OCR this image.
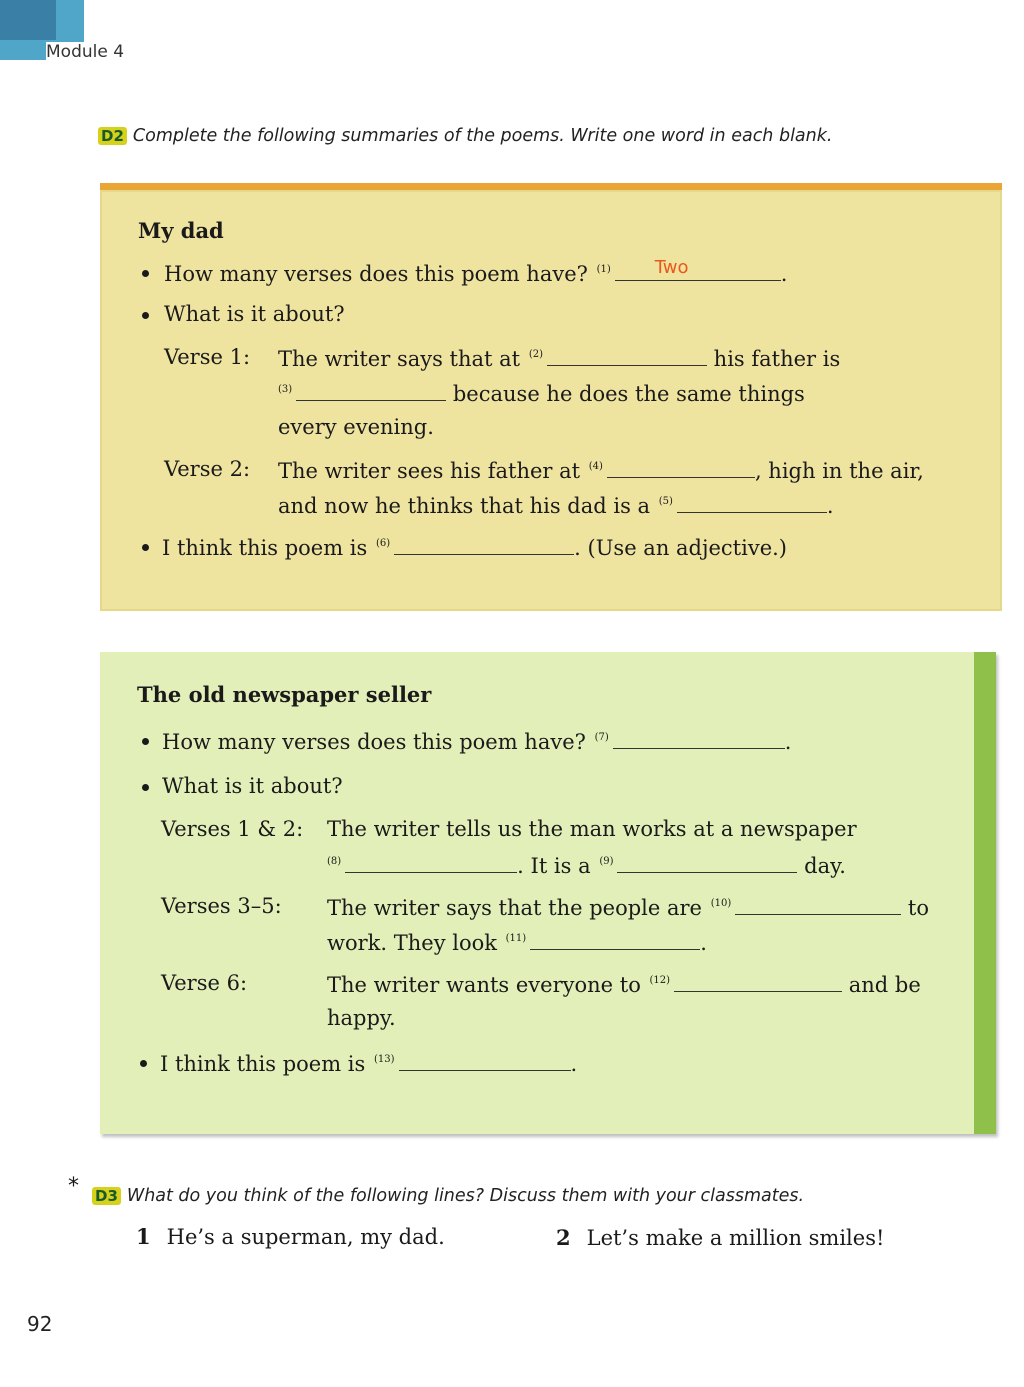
Module 4
D2 Complete the following summaries of the poems. Write one word in each blank.
My dad
How many verses does this poem have? $^{(1)}$ Two	.
What is it about?
Verse 1: The writer says that at $^{(2)}$	his father is
$^{(3)}$	because he does the same things
every evening.
Verse 2: The writer sees his father at $^{(4)}$	, high in the air,
and now he thinks that his dad is a $^{(5)}$	.
I think this poem is $^{(6)}$	. (Use an adjective.)
The old newspaper seller
How many verses does this poem have? $^{(7)}$	.
What is it about?
Verses 1 & 2: The writer tells us the man works at a newspaper
$^{(8)}$	. It is a $^{(9)}$	day.
Verses 3–5: The writer says that the people are $^{(10)}$	to
work. They look $^{(11)}$	.
Verse 6:	The writer wants everyone to $^{(12)}$	and be
happy.
I think this poem is $^{(13)}$	.
* D3 What do you think of the following lines? Discuss them with your classmates.
1 He’s a superman, my dad.	2 Let’s make a million smiles!
92
